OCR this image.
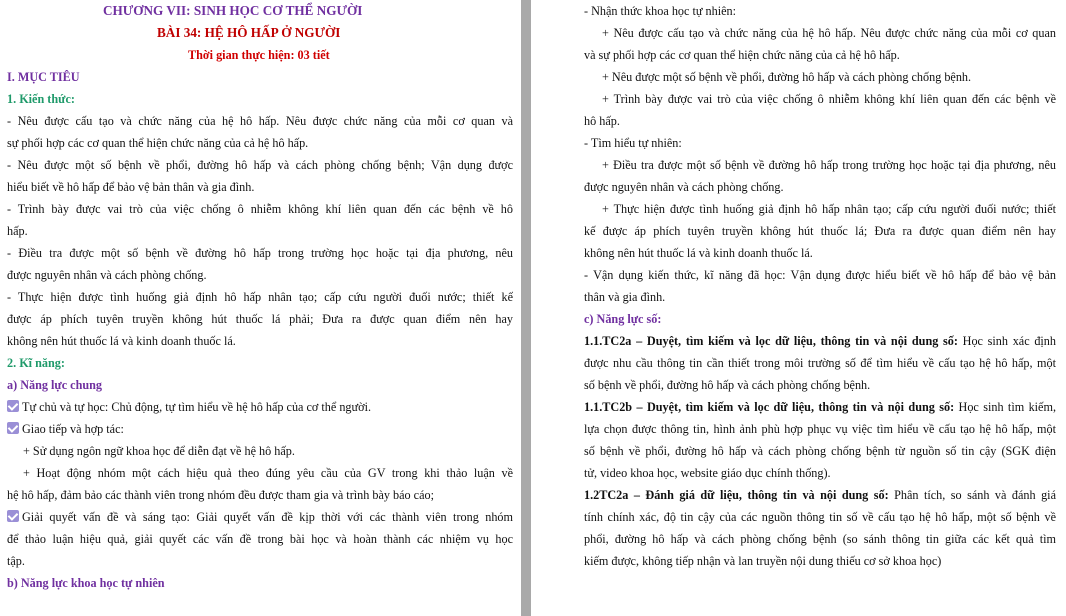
CHƯƠNG VII: SINH HỌC CƠ THỂ NGƯỜI
BÀI 34: HỆ HÔ HẤP Ở NGƯỜI
Thời gian thực hiện: 03 tiết
I. MỤC TIÊU
1. Kiến thức:
- Nêu được cấu tạo và chức năng của hệ hô hấp. Nêu được chức năng của mỗi cơ quan và
sự phối hợp các cơ quan thể hiện chức năng của cả hệ hô hấp.
- Nêu được một số bệnh về phổi, đường hô hấp và cách phòng chống bệnh; Vận dụng được
hiểu biết về hô hấp để bảo vệ bản thân và gia đình.
- Trình bày được vai trò của việc chống ô nhiễm không khí liên quan đến các bệnh về hô
hấp.
- Điều tra được một số bệnh về đường hô hấp trong trường học hoặc tại địa phương, nêu
được nguyên nhân và cách phòng chống.
- Thực hiện được tình huống giả định hô hấp nhân tạo; cấp cứu người đuối nước; thiết kế
được áp phích tuyên truyền không hút thuốc lá phải; Đưa ra được quan điểm nên hay
không nên hút thuốc lá và kinh doanh thuốc lá.
2. Kĩ năng:
a) Năng lực chung
Tự chủ và tự học: Chủ động, tự tìm hiểu về hệ hô hấp của cơ thể người.
Giao tiếp và hợp tác:
+ Sử dụng ngôn ngữ khoa học để diễn đạt về hệ hô hấp.
+ Hoạt động nhóm một cách hiệu quả theo đúng yêu cầu của GV trong khi thảo luận về
hệ hô hấp, đảm bảo các thành viên trong nhóm đều được tham gia và trình bày báo cáo;
Giải quyết vấn đề và sáng tạo: Giải quyết vấn đề kịp thời với các thành viên trong nhóm
để thảo luận hiệu quả, giải quyết các vấn đề trong bài học và hoàn thành các nhiệm vụ học
tập.
b) Năng lực khoa học tự nhiên
- Nhận thức khoa học tự nhiên:
+ Nêu được cấu tạo và chức năng của hệ hô hấp. Nêu được chức năng của mỗi cơ quan
và sự phối hợp các cơ quan thể hiện chức năng của cả hệ hô hấp.
+ Nêu được một số bệnh về phổi, đường hô hấp và cách phòng chống bệnh.
+ Trình bày được vai trò của việc chống ô nhiễm không khí liên quan đến các bệnh về
hô hấp.
- Tìm hiểu tự nhiên:
+ Điều tra được một số bệnh về đường hô hấp trong trường học hoặc tại địa phương, nêu
được nguyên nhân và cách phòng chống.
+ Thực hiện được tình huống giả định hô hấp nhân tạo; cấp cứu người đuối nước; thiết
kế được áp phích tuyên truyền không hút thuốc lá; Đưa ra được quan điểm nên hay
không nên hút thuốc lá và kinh doanh thuốc lá.
- Vận dụng kiến thức, kĩ năng đã học: Vận dụng được hiểu biết về hô hấp để bảo vệ bản
thân và gia đình.
c) Năng lực số:
1.1.TC2a – Duyệt, tìm kiếm và lọc dữ liệu, thông tin và nội dung số: Học sinh xác định
được nhu cầu thông tin cần thiết trong môi trường số để tìm hiểu về cấu tạo hệ hô hấp, một
số bệnh về phổi, đường hô hấp và cách phòng chống bệnh.
1.1.TC2b – Duyệt, tìm kiếm và lọc dữ liệu, thông tin và nội dung số: Học sinh tìm kiếm,
lựa chọn được thông tin, hình ảnh phù hợp phục vụ việc tìm hiểu về cấu tạo hệ hô hấp, một
số bệnh về phổi, đường hô hấp và cách phòng chống bệnh từ nguồn số tin cậy (SGK điện
tử, video khoa học, website giáo dục chính thống).
1.2TC2a – Đánh giá dữ liệu, thông tin và nội dung số: Phân tích, so sánh và đánh giá
tính chính xác, độ tin cậy của các nguồn thông tin số về cấu tạo hệ hô hấp, một số bệnh về
phổi, đường hô hấp và cách phòng chống bệnh (so sánh thông tin giữa các kết quả tìm
kiếm được, không tiếp nhận và lan truyền nội dung thiếu cơ sở khoa học)
